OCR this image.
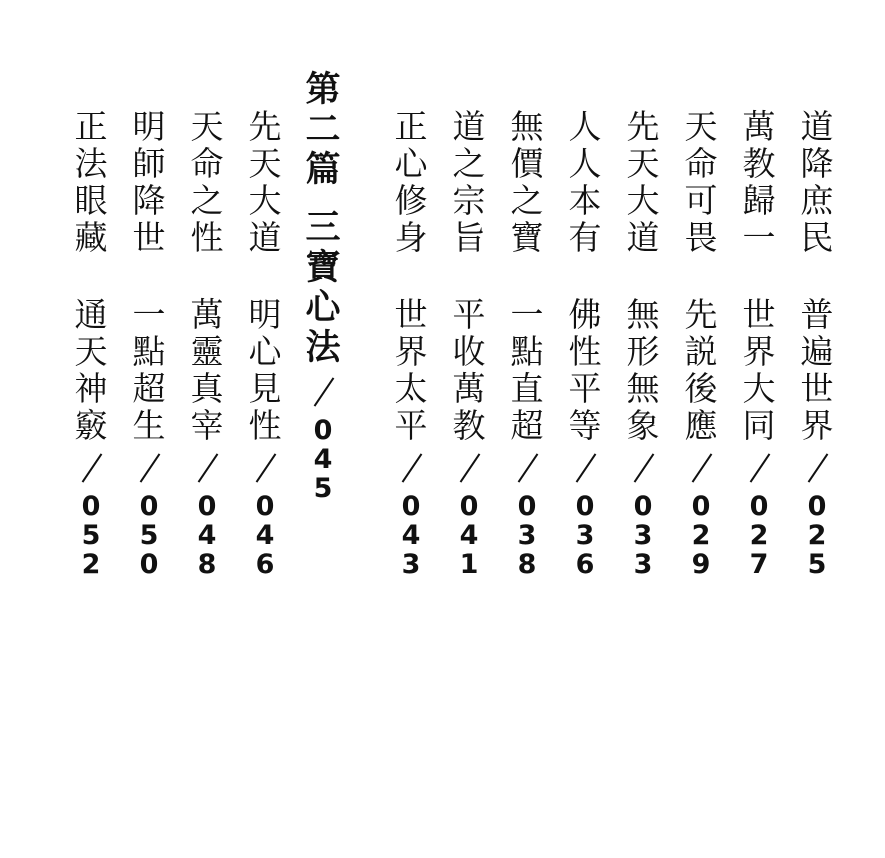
道
降
庶
民
普
遍
世
界
0
2
5
萬
教
歸
一
世
界
大
同
0
2
7
天
命
可
畏
先
説
後
應
0
2
9
先
天
大
道
無
形
無
象
0
3
3
人
人
本
有
佛
性
平
等
0
3
6
無
價
之
寶
一
點
直
超
0
3
8
道
之
宗
旨
平
收
萬
教
0
4
1
正
心
修
身
世
界
太
平
0
4
3
第
二
篇
三
寶
心
法
0
4
5
先
天
大
道
明
心
見
性
0
4
6
天
命
之
性
萬
靈
真
宰
0
4
8
明
師
降
世
一
點
超
生
0
5
0
正
法
眼
藏
通
天
神
竅
0
5
2
